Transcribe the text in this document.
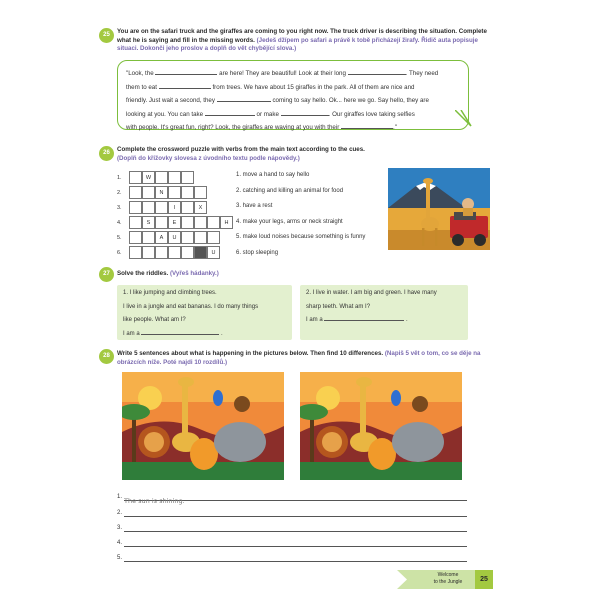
25	You are on the safari truck and the giraffes are coming to you right now. The truck driver is describing the situation. Complete what he is saying and fill in the missing words. (Jedeš džípem po safari a právě k tobě přicházejí žirafy. Řidič auta popisuje situaci. Dokonči jeho proslov a doplň do vět chybějící slova.)
"Look, the	are here! They are beautiful! Look at their long	. They need
them to eat	from trees. We have about 15 giraffes in the park. All of them are nice and
friendly. Just wait a second, they	coming to say hello. Ok... here we go. Say hello, they are
looking at you. You can take	or make	. Our giraffes love taking selfies
with people. It's great fun, right? Look, the giraffes are waving at you with their	."
26	Complete the crossword puzzle with verbs from the main text according to the cues.
(Doplň do křížovky slovesa z úvodního textu podle nápovědy.)
1.
2.
3.
4.
5.
6.
W
N
I	X
S	E	H
A	U
U
1. move a hand to say hello
2. catching and killing an animal for food
3. have a rest
4. make your legs, arms or neck straight
5. make loud noises because something is funny
6. stop sleeping
27	Solve the riddles. (Vyřeš hádanky.)
1. I like jumping and climbing trees.
I live in a jungle and eat bananas. I do many things
like people. What am I?
I am a	.
2. I live in water. I am big and green. I have many
sharp teeth. What am I?
I am a	.
28	Write 5 sentences about what is happening in the pictures below. Then find 10 differences. (Napiš 5 vět o tom, co se děje na obrázcích níže. Poté najdi 10 rozdílů.)
1. The sun is shining.
2.
3.
4.
5.
Welcome
to the Jungle	25
